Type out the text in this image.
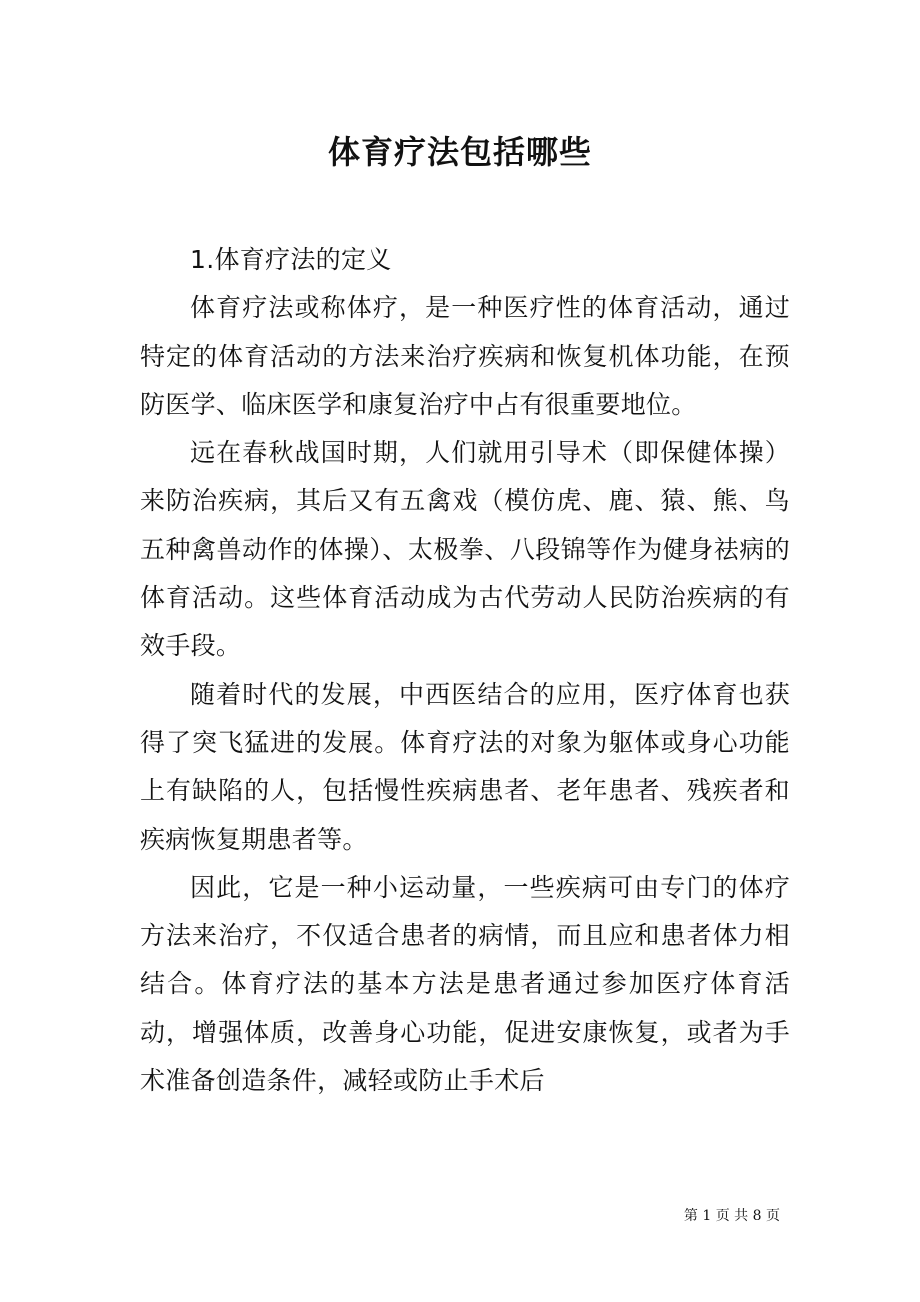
体育疗法包括哪些

1.体育疗法的定义

体育疗法或称体疗，是一种医疗性的体育活动，通过特定的体育活动的方法来治疗疾病和恢复机体功能，在预防医学、临床医学和康复治疗中占有很重要地位。

远在春秋战国时期，人们就用引导术（即保健体操）来防治疾病，其后又有五禽戏（模仿虎、鹿、猿、熊、鸟五种禽兽动作的体操）、太极拳、八段锦等作为健身祛病的体育活动。这些体育活动成为古代劳动人民防治疾病的有效手段。

随着时代的发展，中西医结合的应用，医疗体育也获得了突飞猛进的发展。体育疗法的对象为躯体或身心功能上有缺陷的人，包括慢性疾病患者、老年患者、残疾者和疾病恢复期患者等。

因此，它是一种小运动量，一些疾病可由专门的体疗方法来治疗，不仅适合患者的病情，而且应和患者体力相结合。体育疗法的基本方法是患者通过参加医疗体育活动，增强体质，改善身心功能，促进安康恢复，或者为手术准备创造条件，减轻或防止手术后

第 1 页 共 8 页
